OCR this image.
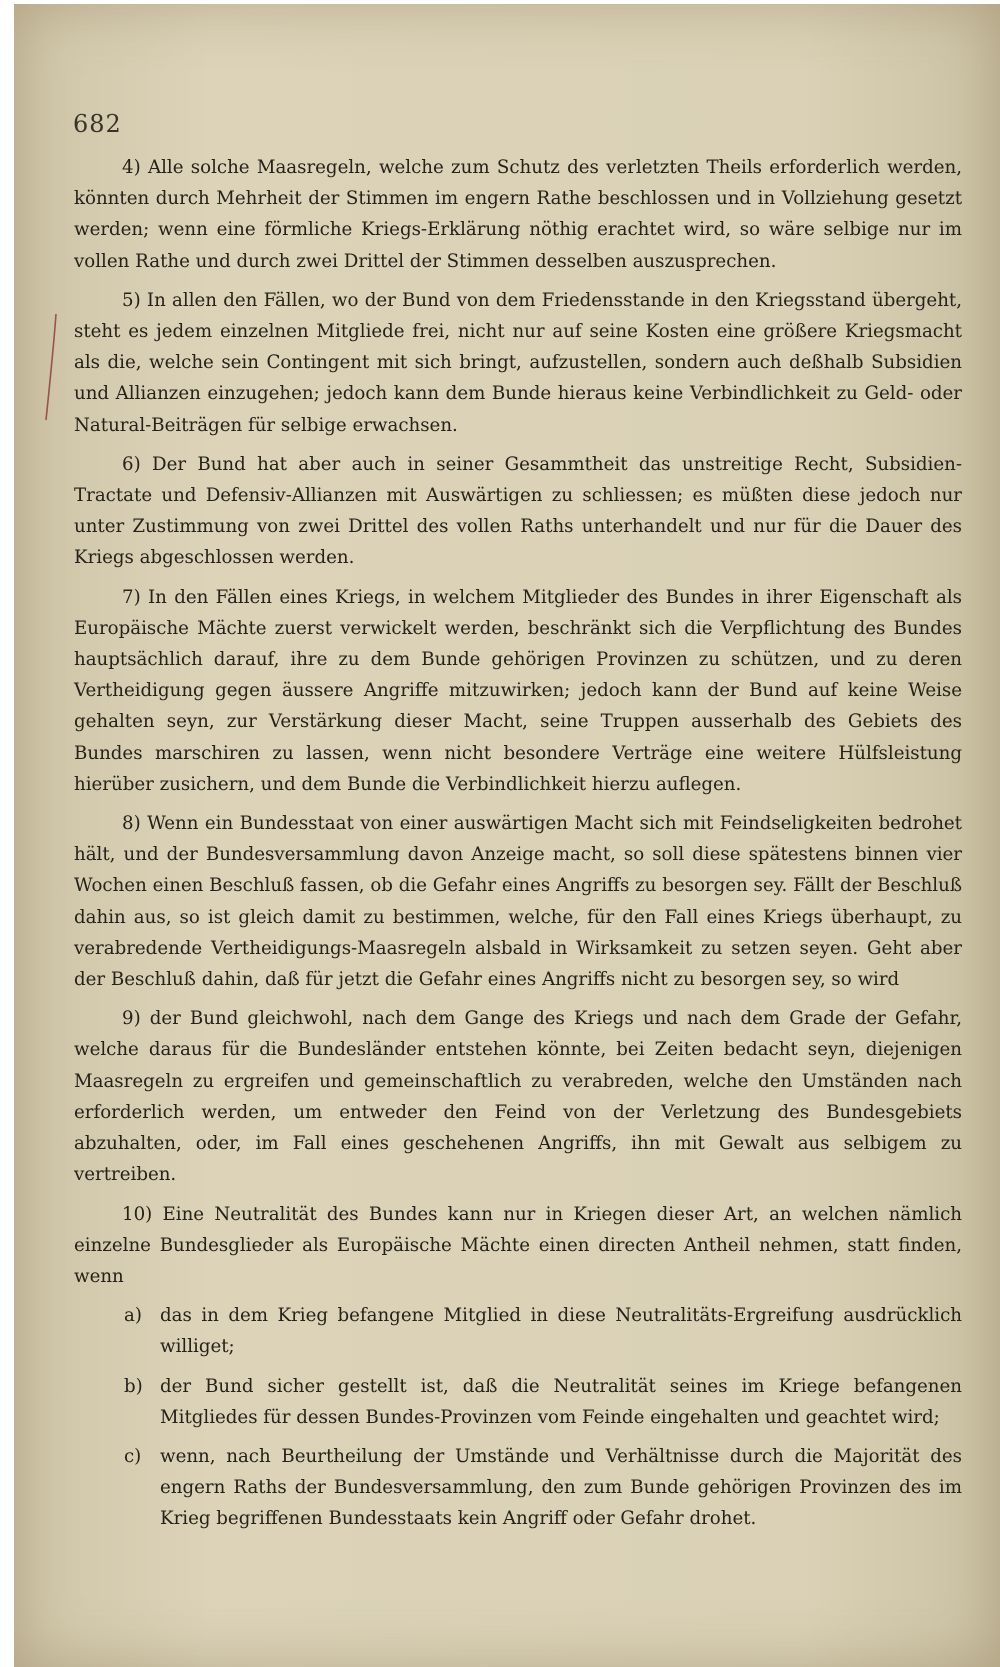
682

4) Alle solche Maasregeln, welche zum Schutz des verletzten Theils erforderlich werden, könnten durch Mehrheit der Stimmen im engern Rathe beschlossen und in Vollziehung gesetzt werden; wenn eine förmliche Kriegs-Erklärung nöthig erachtet wird, so wäre selbige nur im vollen Rathe und durch zwei Drittel der Stimmen desselben auszusprechen.

5) In allen den Fällen, wo der Bund von dem Friedensstande in den Kriegsstand übergeht, steht es jedem einzelnen Mitgliede frei, nicht nur auf seine Kosten eine größere Kriegsmacht als die, welche sein Contingent mit sich bringt, aufzustellen, sondern auch deßhalb Subsidien und Allianzen einzugehen; jedoch kann dem Bunde hieraus keine Verbindlichkeit zu Geld- oder Natural-Beiträgen für selbige erwachsen.

6) Der Bund hat aber auch in seiner Gesammtheit das unstreitige Recht, Subsidien-Tractate und Defensiv-Allianzen mit Auswärtigen zu schliessen; es müßten diese jedoch nur unter Zustimmung von zwei Drittel des vollen Raths unterhandelt und nur für die Dauer des Kriegs abgeschlossen werden.

7) In den Fällen eines Kriegs, in welchem Mitglieder des Bundes in ihrer Eigenschaft als Europäische Mächte zuerst verwickelt werden, beschränkt sich die Verpflichtung des Bundes hauptsächlich darauf, ihre zu dem Bunde gehörigen Provinzen zu schützen, und zu deren Vertheidigung gegen äussere Angriffe mitzuwirken; jedoch kann der Bund auf keine Weise gehalten seyn, zur Verstärkung dieser Macht, seine Truppen ausserhalb des Gebiets des Bundes marschiren zu lassen, wenn nicht besondere Verträge eine weitere Hülfsleistung hierüber zusichern, und dem Bunde die Verbindlichkeit hierzu auflegen.

8) Wenn ein Bundesstaat von einer auswärtigen Macht sich mit Feindseligkeiten bedrohet hält, und der Bundesversammlung davon Anzeige macht, so soll diese spätestens binnen vier Wochen einen Beschluß fassen, ob die Gefahr eines Angriffs zu besorgen sey. Fällt der Beschluß dahin aus, so ist gleich damit zu bestimmen, welche, für den Fall eines Kriegs überhaupt, zu verabredende Vertheidigungs-Maasregeln alsbald in Wirksamkeit zu setzen seyen. Geht aber der Beschluß dahin, daß für jetzt die Gefahr eines Angriffs nicht zu besorgen sey, so wird

9) der Bund gleichwohl, nach dem Gange des Kriegs und nach dem Grade der Gefahr, welche daraus für die Bundesländer entstehen könnte, bei Zeiten bedacht seyn, diejenigen Maasregeln zu ergreifen und gemeinschaftlich zu verabreden, welche den Umständen nach erforderlich werden, um entweder den Feind von der Verletzung des Bundesgebiets abzuhalten, oder, im Fall eines geschehenen Angriffs, ihn mit Gewalt aus selbigem zu vertreiben.

10) Eine Neutralität des Bundes kann nur in Kriegen dieser Art, an welchen nämlich einzelne Bundesglieder als Europäische Mächte einen directen Antheil nehmen, statt finden, wenn

a) das in dem Krieg befangene Mitglied in diese Neutralitäts-Ergreifung ausdrücklich williget;

b) der Bund sicher gestellt ist, daß die Neutralität seines im Kriege befangenen Mitgliedes für dessen Bundes-Provinzen vom Feinde eingehalten und geachtet wird;

c) wenn, nach Beurtheilung der Umstände und Verhältnisse durch die Majorität des engern Raths der Bundesversammlung, den zum Bunde gehörigen Provinzen des im Krieg begriffenen Bundesstaats kein Angriff oder Gefahr drohet.
